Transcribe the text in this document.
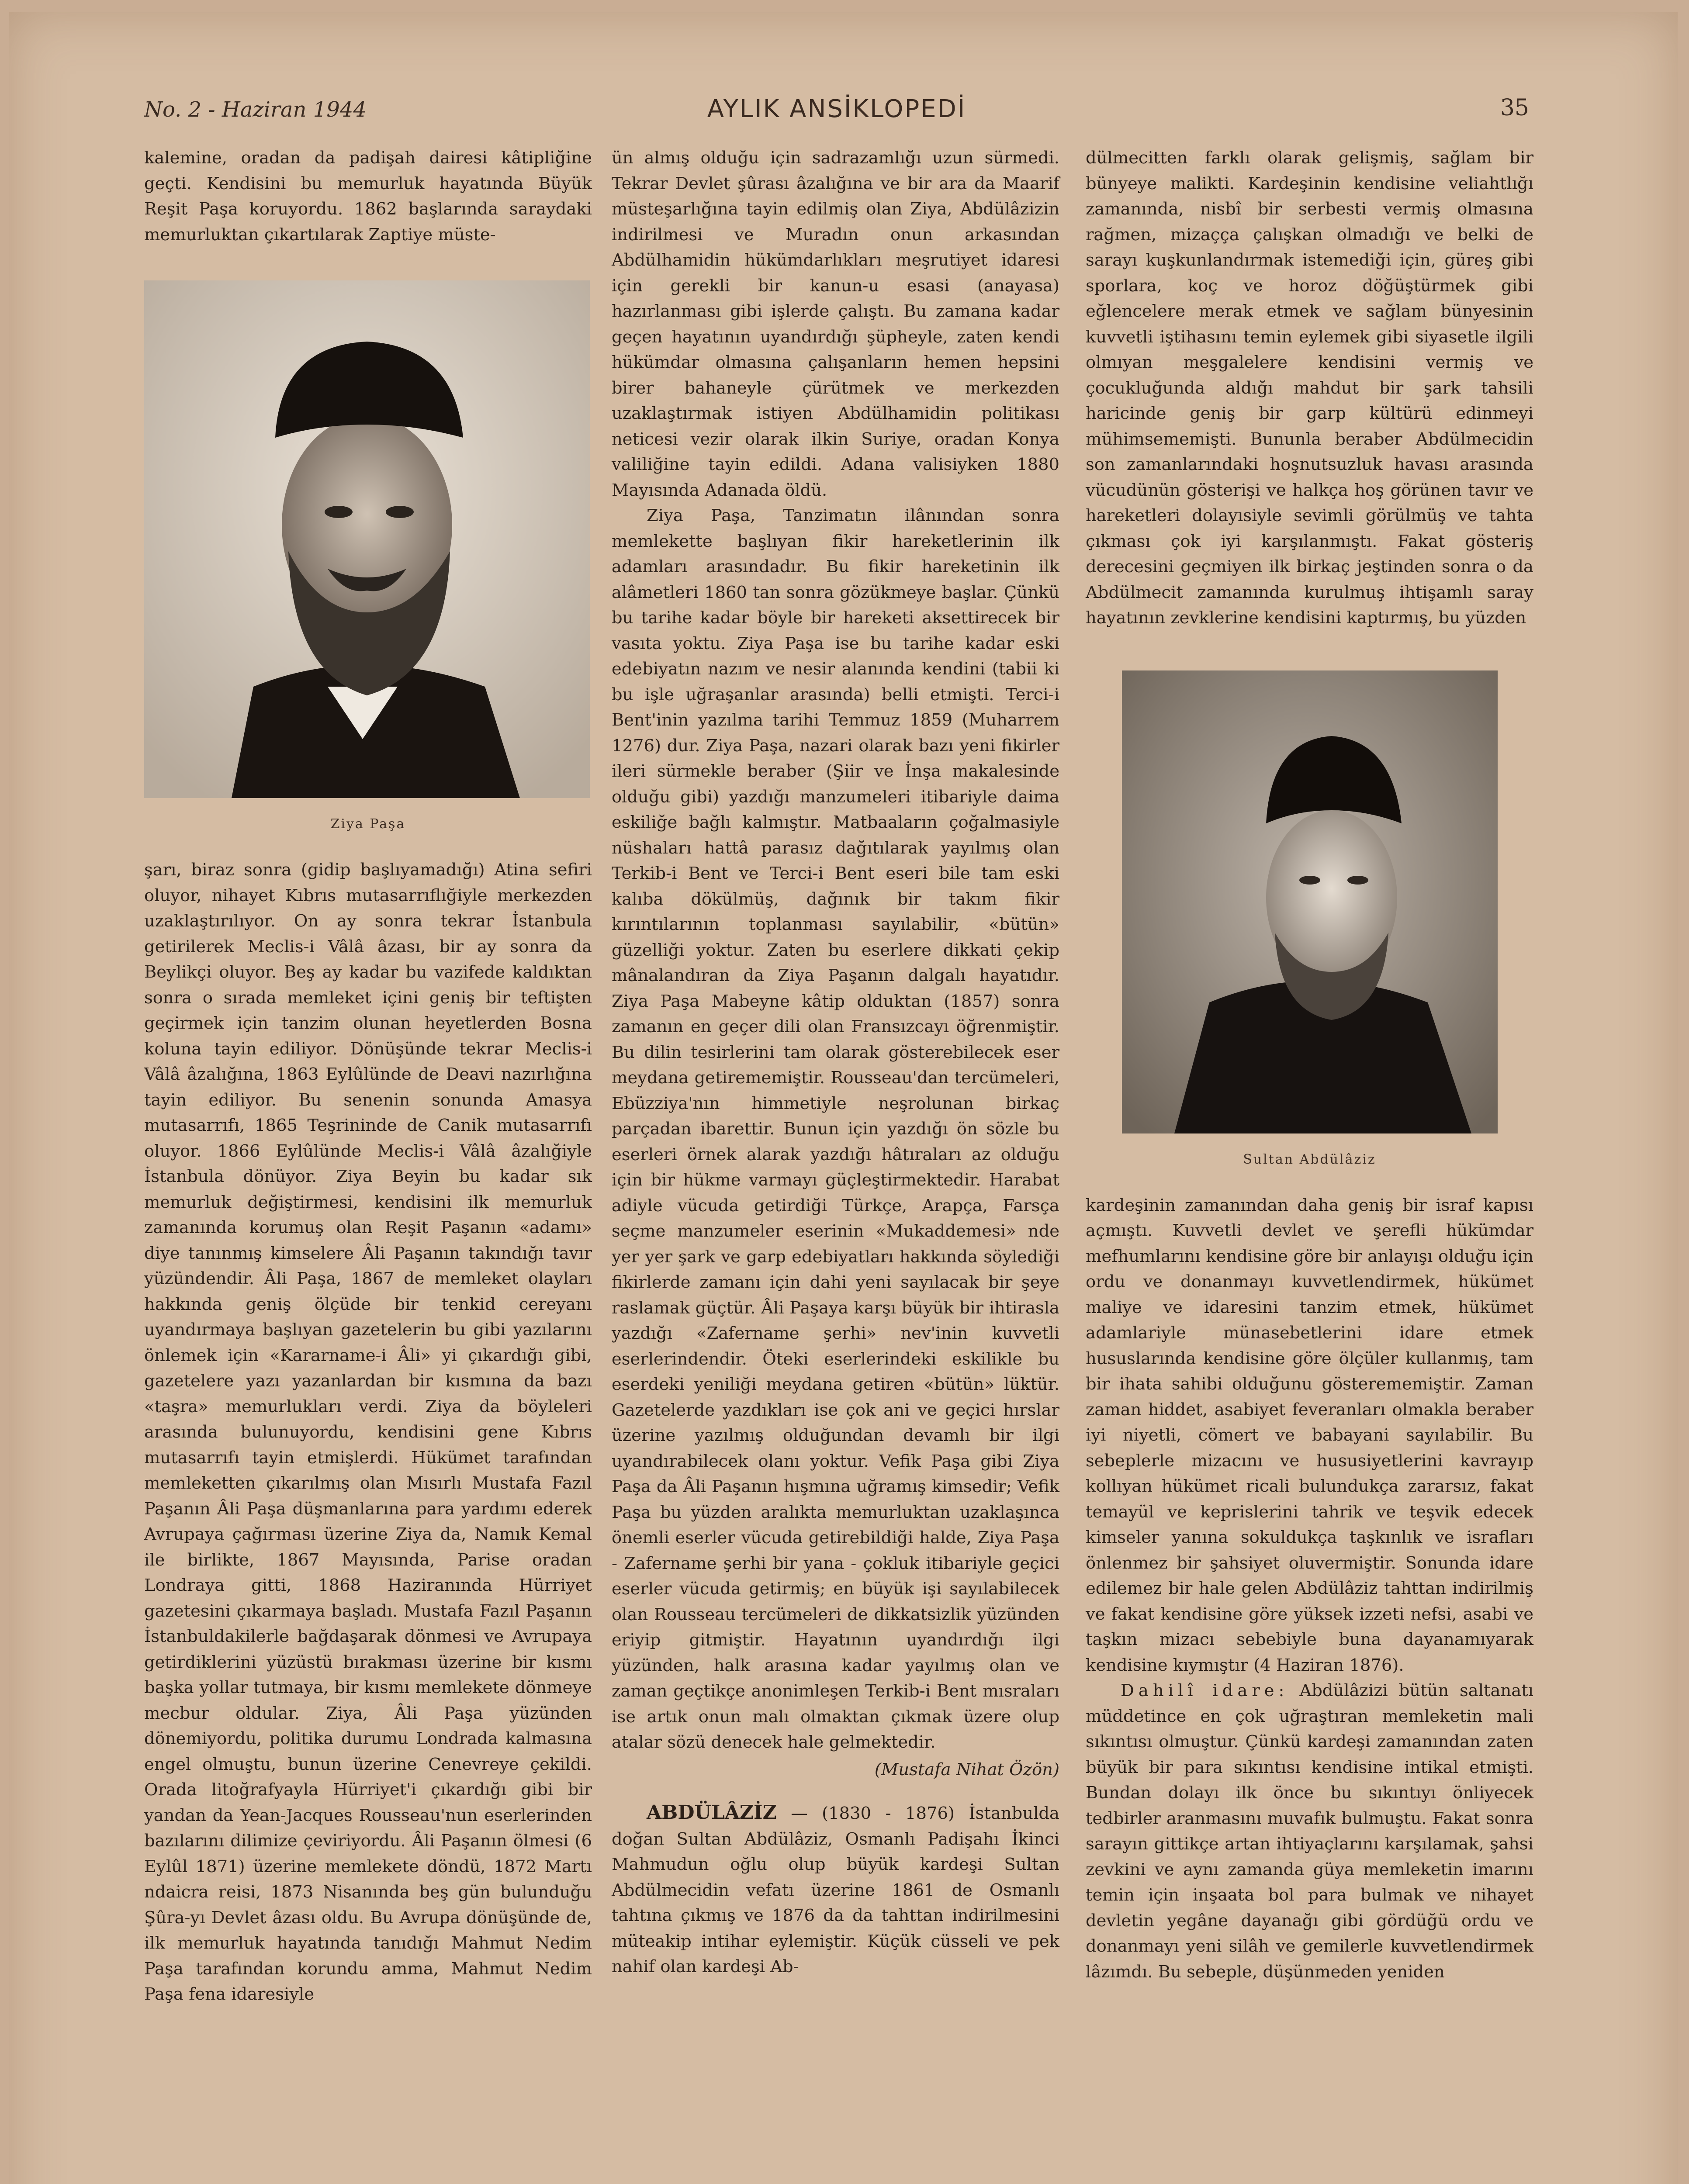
No. 2 - Haziran 1944	AYLIK ANSİKLOPEDİ	35

kalemine, oradan da padişah dairesi kâtipliğine geçti. Kendisini bu memurluk hayatında Büyük Reşit Paşa koruyordu. 1862 başlarında saraydaki memurluktan çıkartılarak Zaptiye müste-

Ziya Paşa

şarı, biraz sonra (gidip başlıyamadığı) Atina sefiri oluyor, nihayet Kıbrıs mutasarrıflığiyle merkezden uzaklaştırılıyor. On ay sonra tekrar İstanbula getirilerek Meclis-i Vâlâ âzası, bir ay sonra da Beylikçi oluyor. Beş ay kadar bu vazifede kaldıktan sonra o sırada memleket içini geniş bir teftişten geçirmek için tanzim olunan heyetlerden Bosna koluna tayin ediliyor. Dönüşünde tekrar Meclis-i Vâlâ âzalığına, 1863 Eylûlünde de Deavi nazırlığına tayin ediliyor. Bu senenin sonunda Amasya mutasarrıfı, 1865 Teşrininde de Canik mutasarrıfı oluyor. 1866 Eylûlünde Meclis-i Vâlâ âzalığiyle İstanbula dönüyor. Ziya Beyin bu kadar sık memurluk değiştirmesi, kendisini ilk memurluk zamanında korumuş olan Reşit Paşanın «adamı» diye tanınmış kimselere Âli Paşanın takındığı tavır yüzündendir. Âli Paşa, 1867 de memleket olayları hakkında geniş ölçüde bir tenkid cereyanı uyandırmaya başlıyan gazetelerin bu gibi yazılarını önlemek için «Kararname-i Âli» yi çıkardığı gibi, gazetelere yazı yazanlardan bir kısmına da bazı «taşra» memurlukları verdi. Ziya da böyleleri arasında bulunuyordu, kendisini gene Kıbrıs mutasarrıfı tayin etmişlerdi. Hükümet tarafından memleketten çıkarılmış olan Mısırlı Mustafa Fazıl Paşanın Âli Paşa düşmanlarına para yardımı ederek Avrupaya çağırması üzerine Ziya da, Namık Kemal ile birlikte, 1867 Mayısında, Parise oradan Londraya gitti, 1868 Haziranında Hürriyet gazetesini çıkarmaya başladı. Mustafa Fazıl Paşanın İstanbuldakilerle bağdaşarak dönmesi ve Avrupaya getirdiklerini yüzüstü bırakması üzerine bir kısmı başka yollar tutmaya, bir kısmı memlekete dönmeye mecbur oldular. Ziya, Âli Paşa yüzünden dönemiyordu, politika durumu Londrada kalmasına engel olmuştu, bunun üzerine Cenevreye çekildi. Orada litoğrafyayla Hürriyet'i çıkardığı gibi bir yandan da Yean-Jacques Rousseau'nun eserlerinden bazılarını dilimize çeviriyordu. Âli Paşanın ölmesi (6 Eylûl 1871) üzerine memlekete döndü, 1872 Martı ndaicra reisi, 1873 Nisanında beş gün bulunduğu Şûra-yı Devlet âzası oldu. Bu Avrupa dönüşünde de, ilk memurluk hayatında tanıdığı Mahmut Nedim Paşa tarafından korundu amma, Mahmut Nedim Paşa fena idaresiyle

ün almış olduğu için sadrazamlığı uzun sürmedi. Tekrar Devlet şûrası âzalığına ve bir ara da Maarif müsteşarlığına tayin edilmiş olan Ziya, Abdülâzizin indirilmesi ve Muradın onun arkasından Abdülhamidin hükümdarlıkları meşrutiyet idaresi için gerekli bir kanun-u esasi (anayasa) hazırlanması gibi işlerde çalıştı. Bu zamana kadar geçen hayatının uyandırdığı şüpheyle, zaten kendi hükümdar olmasına çalışanların hemen hepsini birer bahaneyle çürütmek ve merkezden uzaklaştırmak istiyen Abdülhamidin politikası neticesi vezir olarak ilkin Suriye, oradan Konya valiliğine tayin edildi. Adana valisiyken 1880 Mayısında Adanada öldü.

Ziya Paşa, Tanzimatın ilânından sonra memlekette başlıyan fikir hareketlerinin ilk adamları arasındadır. Bu fikir hareketinin ilk alâmetleri 1860 tan sonra gözükmeye başlar. Çünkü bu tarihe kadar böyle bir hareketi aksettirecek bir vasıta yoktu. Ziya Paşa ise bu tarihe kadar eski edebiyatın nazım ve nesir alanında kendini (tabii ki bu işle uğraşanlar arasında) belli etmişti. Terci-i Bent'inin yazılma tarihi Temmuz 1859 (Muharrem 1276) dur. Ziya Paşa, nazari olarak bazı yeni fikirler ileri sürmekle beraber (Şiir ve İnşa makalesinde olduğu gibi) yazdığı manzumeleri itibariyle daima eskiliğe bağlı kalmıştır. Matbaaların çoğalmasiyle nüshaları hattâ parasız dağıtılarak yayılmış olan Terkib-i Bent ve Terci-i Bent eseri bile tam eski kalıba dökülmüş, dağınık bir takım fikir kırıntılarının toplanması sayılabilir, «bütün» güzelliği yoktur. Zaten bu eserlere dikkati çekip mânalandıran da Ziya Paşanın dalgalı hayatıdır. Ziya Paşa Mabeyne kâtip olduktan (1857) sonra zamanın en geçer dili olan Fransızcayı öğrenmiştir. Bu dilin tesirlerini tam olarak gösterebilecek eser meydana getirememiştir. Rousseau'dan tercümeleri, Ebüzziya'nın himmetiyle neşrolunan birkaç parçadan ibarettir. Bunun için yazdığı ön sözle bu eserleri örnek alarak yazdığı hâtıraları az olduğu için bir hükme varmayı güçleştirmektedir. Harabat adiyle vücuda getirdiği Türkçe, Arapça, Farsça seçme manzumeler eserinin «Mukaddemesi» nde yer yer şark ve garp edebiyatları hakkında söylediği fikirlerde zamanı için dahi yeni sayılacak bir şeye raslamak güçtür. Âli Paşaya karşı büyük bir ihtirasla yazdığı «Zafername şerhi» nev'inin kuvvetli eserlerindendir. Öteki eserlerindeki eskilikle bu eserdeki yeniliği meydana getiren «bütün» lüktür. Gazetelerde yazdıkları ise çok ani ve geçici hırslar üzerine yazılmış olduğundan devamlı bir ilgi uyandırabilecek olanı yoktur. Vefik Paşa gibi Ziya Paşa da Âli Paşanın hışmına uğramış kimsedir; Vefik Paşa bu yüzden aralıkta memurluktan uzaklaşınca önemli eserler vücuda getirebildiği halde, Ziya Paşa - Zafername şerhi bir yana - çokluk itibariyle geçici eserler vücuda getirmiş; en büyük işi sayılabilecek olan Rousseau tercümeleri de dikkatsizlik yüzünden eriyip gitmiştir. Hayatının uyandırdığı ilgi yüzünden, halk arasına kadar yayılmış olan ve zaman geçtikçe anonimleşen Terkib-i Bent mısraları ise artık onun malı olmaktan çıkmak üzere olup atalar sözü denecek hale gelmektedir.

(Mustafa Nihat Özön)

ABDÜLÂZİZ — (1830 - 1876) İstanbulda doğan Sultan Abdülâziz, Osmanlı Padişahı İkinci Mahmudun oğlu olup büyük kardeşi Sultan Abdülmecidin vefatı üzerine 1861 de Osmanlı tahtına çıkmış ve 1876 da da tahttan indirilmesini müteakip intihar eylemiştir. Küçük cüsseli ve pek nahif olan kardeşi Ab-

dülmecitten farklı olarak gelişmiş, sağlam bir bünyeye malikti. Kardeşinin kendisine veliahtlığı zamanında, nisbî bir serbesti vermiş olmasına rağmen, mizaçça çalışkan olmadığı ve belki de sarayı kuşkunlandırmak istemediği için, güreş gibi sporlara, koç ve horoz döğüştürmek gibi eğlencelere merak etmek ve sağlam bünyesinin kuvvetli iştihasını temin eylemek gibi siyasetle ilgili olmıyan meşgalelere kendisini vermiş ve çocukluğunda aldığı mahdut bir şark tahsili haricinde geniş bir garp kültürü edinmeyi mühimsememişti. Bununla beraber Abdülmecidin son zamanlarındaki hoşnutsuzluk havası arasında vücudünün gösterişi ve halkça hoş görünen tavır ve hareketleri dolayısiyle sevimli görülmüş ve tahta çıkması çok iyi karşılanmıştı. Fakat gösteriş derecesini geçmiyen ilk birkaç jeştinden sonra o da Abdülmecit zamanında kurulmuş ihtişamlı saray hayatının zevklerine kendisini kaptırmış, bu yüzden

Sultan Abdülâziz

kardeşinin zamanından daha geniş bir israf kapısı açmıştı. Kuvvetli devlet ve şerefli hükümdar mefhumlarını kendisine göre bir anlayışı olduğu için ordu ve donanmayı kuvvetlendirmek, hükümet maliye ve idaresini tanzim etmek, hükümet adamlariyle münasebetlerini idare etmek hususlarında kendisine göre ölçüler kullanmış, tam bir ihata sahibi olduğunu gösterememiştir. Zaman zaman hiddet, asabiyet feveranları olmakla beraber iyi niyetli, cömert ve babayani sayılabilir. Bu sebeplerle mizacını ve hususiyetlerini kavrayıp kollıyan hükümet ricali bulundukça zararsız, fakat temayül ve keprislerini tahrik ve teşvik edecek kimseler yanına sokuldukça taşkınlık ve israfları önlenmez bir şahsiyet oluvermiştir. Sonunda idare edilemez bir hale gelen Abdülâziz tahttan indirilmiş ve fakat kendisine göre yüksek izzeti nefsi, asabi ve taşkın mizacı sebebiyle buna dayanamıyarak kendisine kıymıştır (4 Haziran 1876).

Dahilî idare: Abdülâzizi bütün saltanatı müddetince en çok uğraştıran memleketin mali sıkıntısı olmuştur. Çünkü kardeşi zamanından zaten büyük bir para sıkıntısı kendisine intikal etmişti. Bundan dolayı ilk önce bu sıkıntıyı önliyecek tedbirler aranmasını muvafık bulmuştu. Fakat sonra sarayın gittikçe artan ihtiyaçlarını karşılamak, şahsi zevkini ve aynı zamanda güya memleketin imarını temin için inşaata bol para bulmak ve nihayet devletin yegâne dayanağı gibi gördüğü ordu ve donanmayı yeni silâh ve gemilerle kuvvetlendirmek lâzımdı. Bu sebeple, düşünmeden yeniden
